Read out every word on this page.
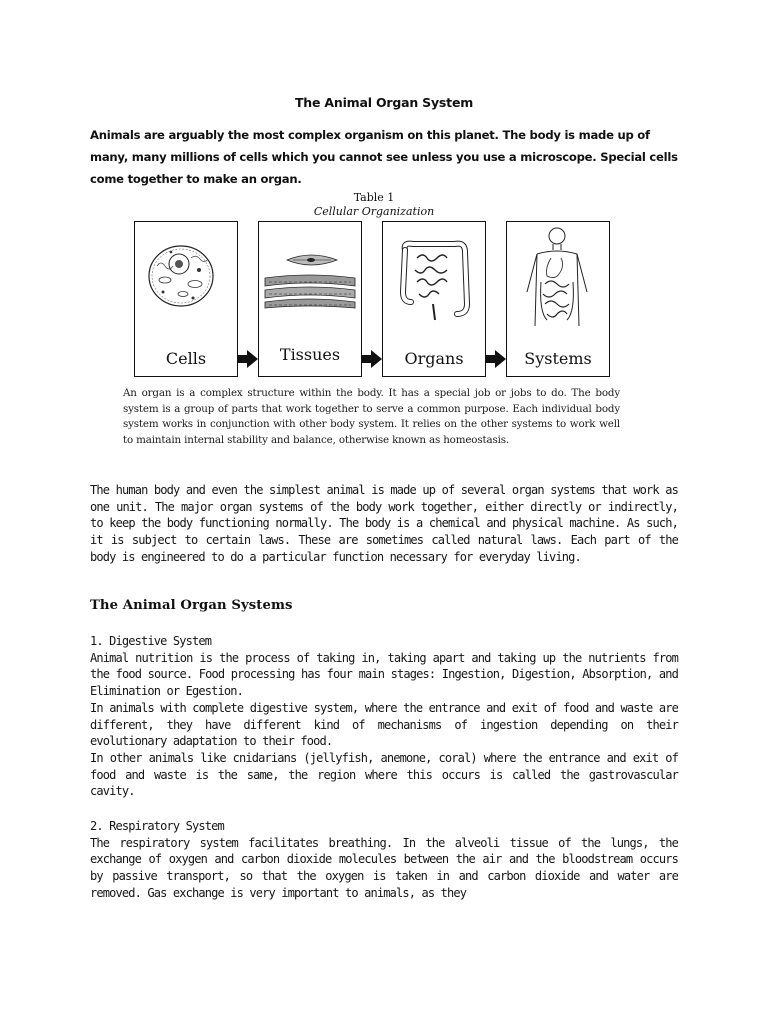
The Animal Organ System
Animals are arguably the most complex organism on this planet. The body is made up of many, many millions of cells which you cannot see unless you use a microscope. Special cells come together to make an organ.
Table 1
Cellular Organization
Cells	Tissues	Organs	Systems
An organ is a complex structure within the body. It has a special job or jobs to do. The body system is a group of parts that work together to serve a common purpose. Each individual body system works in conjunction with other body system. It relies on the other systems to work well to maintain internal stability and balance, otherwise known as homeostasis.

The human body and even the simplest animal is made up of several organ systems that work as one unit. The major organ systems of the body work together, either directly or indirectly, to keep the body functioning normally. The body is a chemical and physical machine. As such, it is subject to certain laws. These are sometimes called natural laws. Each part of the body is engineered to do a particular function necessary for everyday living.

The Animal Organ Systems

1. Digestive System

Animal nutrition is the process of taking in, taking apart and taking up the nutrients from the food source. Food processing has four main stages: Ingestion, Digestion, Absorption, and Elimination or Egestion.

In animals with complete digestive system, where the entrance and exit of food and waste are different, they have different kind of mechanisms of ingestion depending on their evolutionary adaptation to their food.

In other animals like cnidarians (jellyfish, anemone, coral) where the entrance and exit of food and waste is the same, the region where this occurs is called the gastrovascular cavity.

2. Respiratory System

The respiratory system facilitates breathing. In the alveoli tissue of the lungs, the exchange of oxygen and carbon dioxide molecules between the air and the bloodstream occurs by passive transport, so that the oxygen is taken in and carbon dioxide and water are removed. Gas exchange is very important to animals, as they
